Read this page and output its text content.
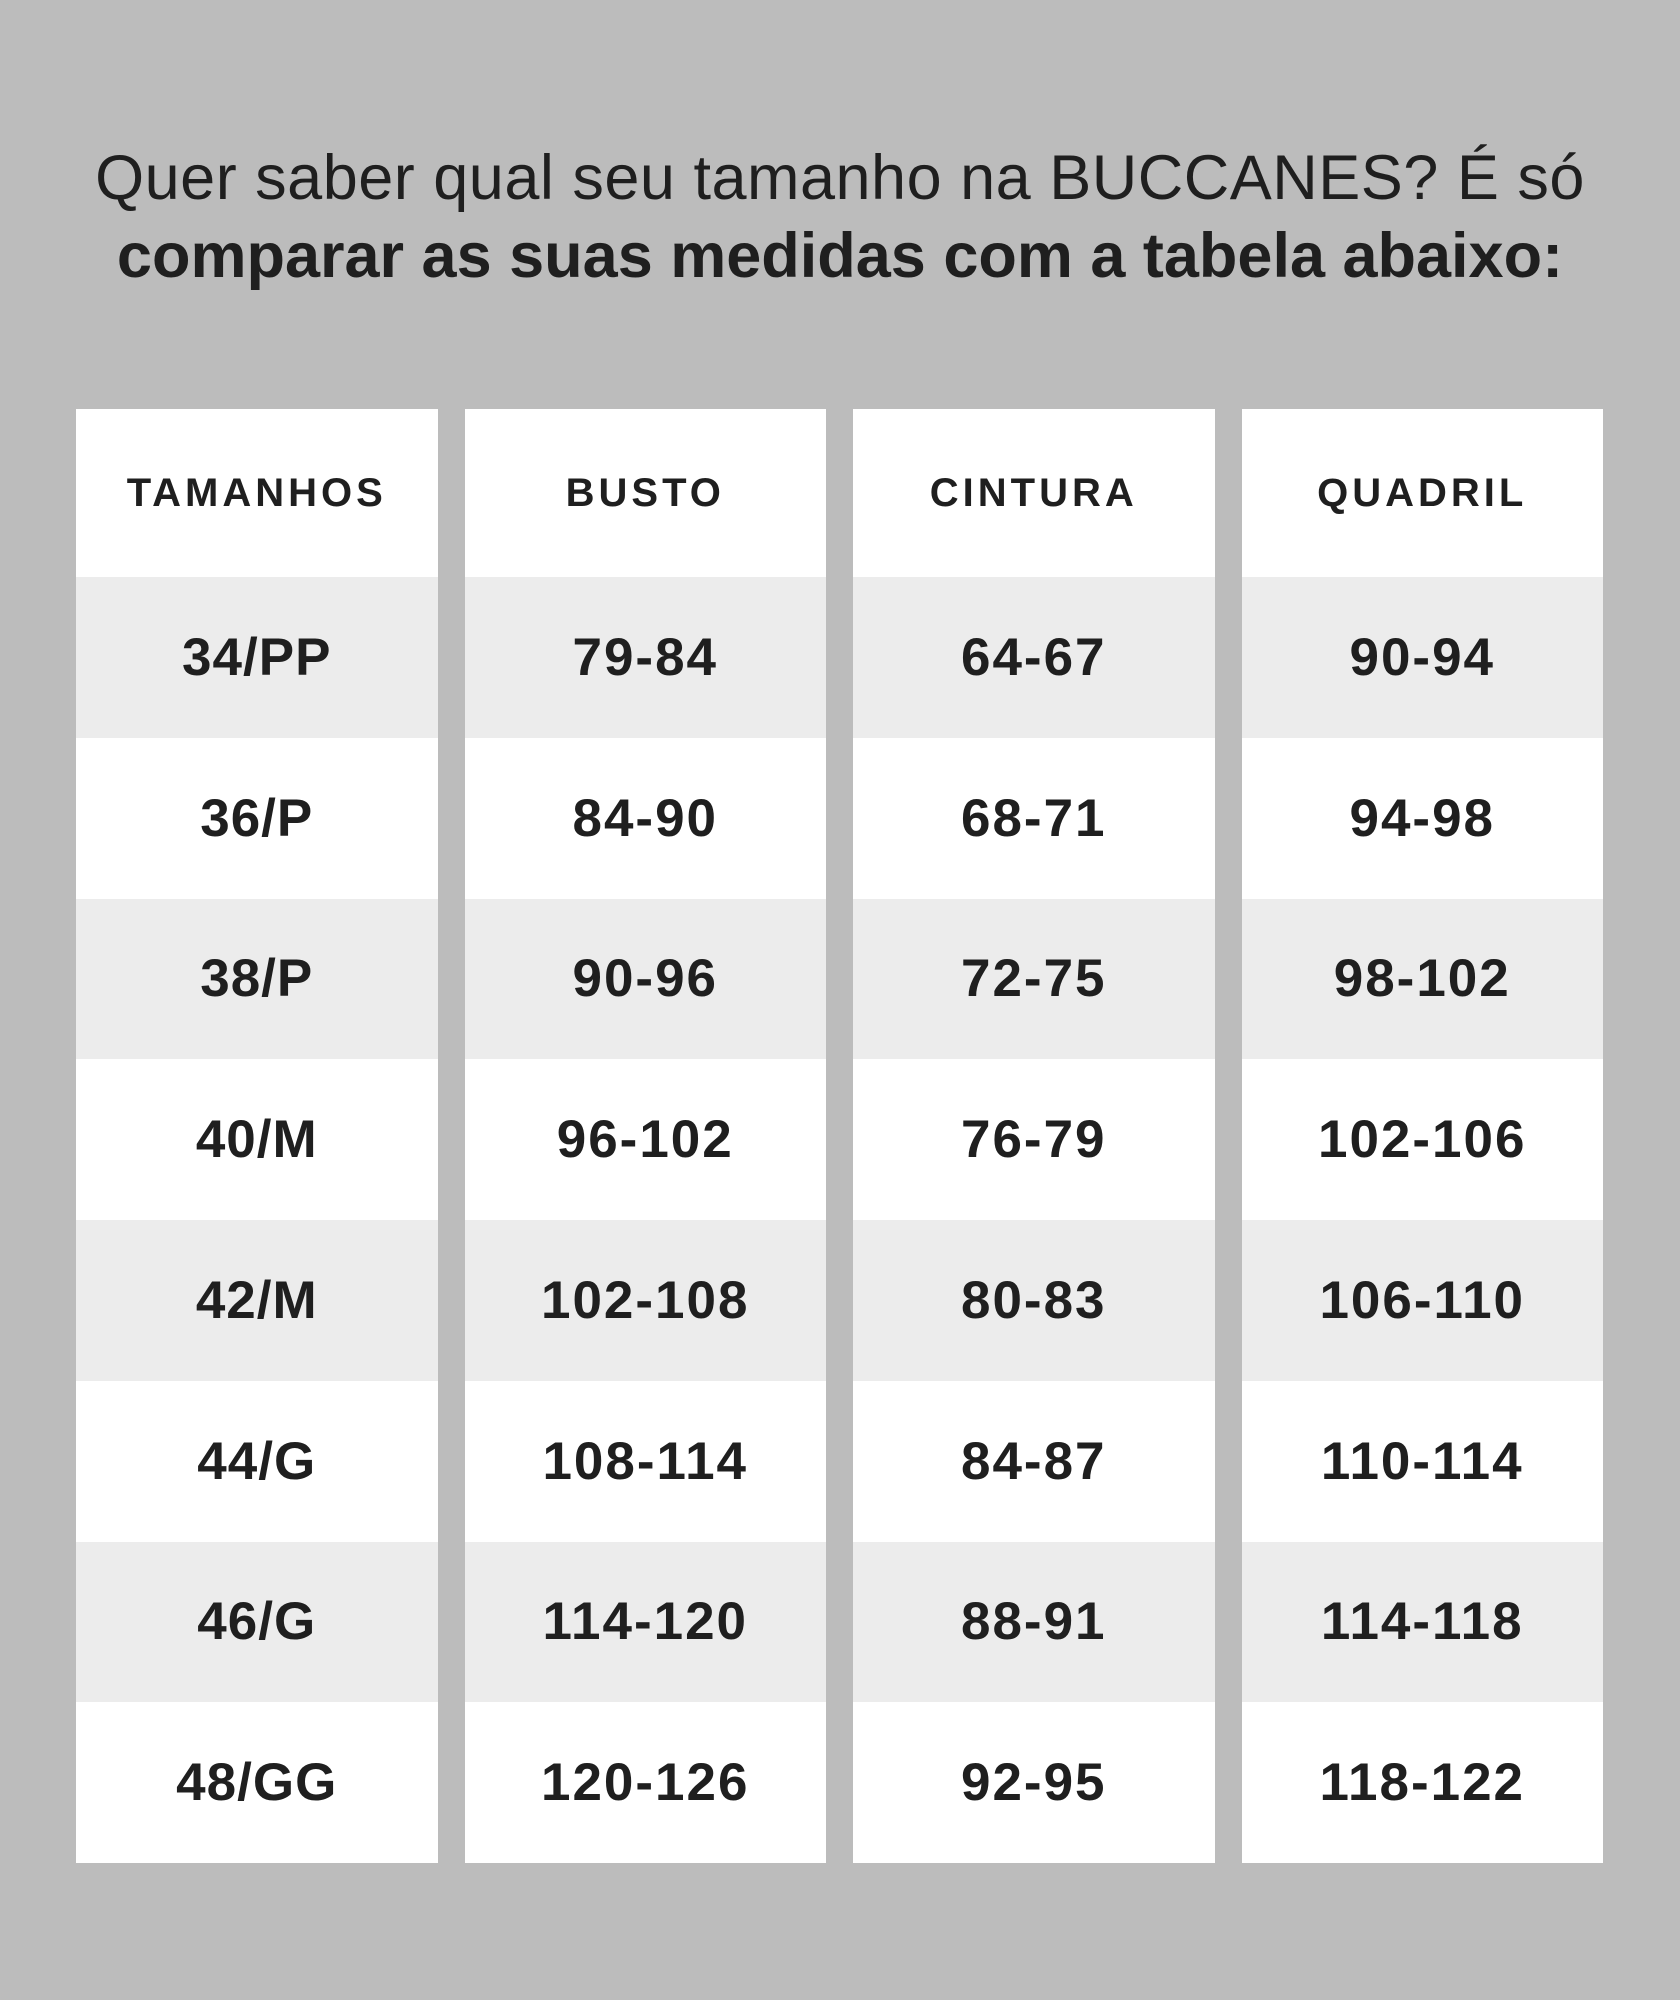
Quer saber qual seu tamanho na BUCCANES? É só
comparar as suas medidas com a tabela abaixo:
TAMANHOS
34/PP
36/P
38/P
40/M
42/M
44/G
46/G
48/GG
BUSTO
79-84
84-90
90-96
96-102
102-108
108-114
114-120
120-126
CINTURA
64-67
68-71
72-75
76-79
80-83
84-87
88-91
92-95
QUADRIL
90-94
94-98
98-102
102-106
106-110
110-114
114-118
118-122
